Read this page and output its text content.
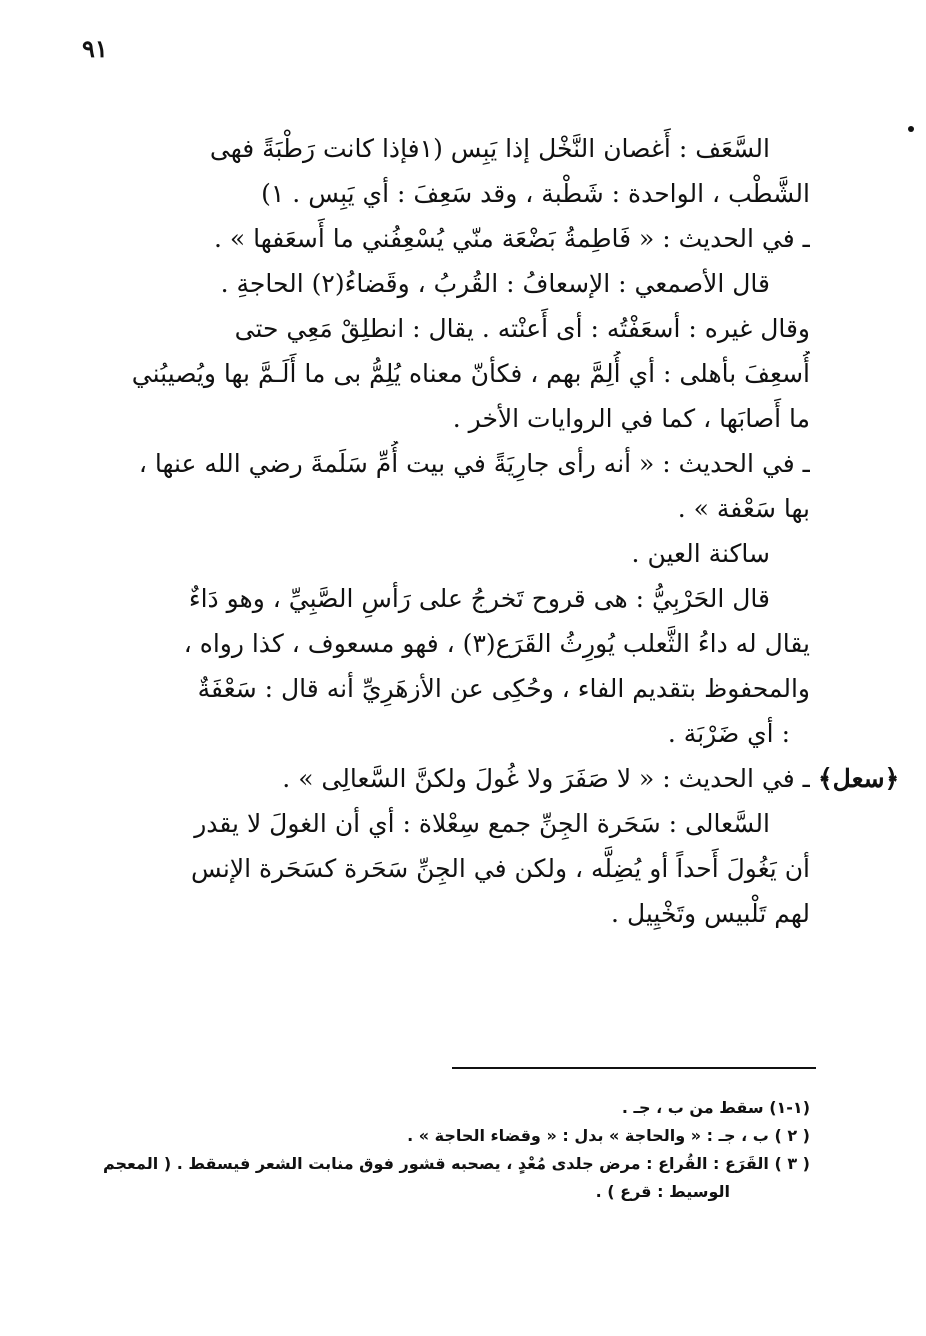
٩١
السَّعَف : أَغصان النَّخْل إذا يَبِس (١فإذا كانت رَطْبَةً فهى
الشَّطْب ، الواحدة : شَطْبة ، وقد سَعِفَ : أي يَبِس . ١)
ـ في الحديث : « فَاطِمةُ بَضْعَة منّي يُسْعِفُني ما أَسعَفها » .
قال الأصمعي : الإسعافُ : القُربُ ، وقَضاءُ(٢) الحاجةِ .
وقال غيره : أسعَفْتُه : أى أَعنْته . يقال : انطلِقْ مَعِي حتى
أُسعِفَ بأهلى : أي أُلِمَّ بهم ، فكأنّ معناه يُلِمُّ بى ما أَلَـمَّ بها ويُصيبُني
ما أَصابَها ، كما في الروايات الأخر .
ـ في الحديث : « أنه رأى جارِيَةً في بيت أُمِّ سَلَمةَ رضي الله عنها ،
بها سَعْفة » .
ساكنة العين .
قال الحَرْبِيُّ : هى قروح تَخرجُ على رَأسِ الصَّبِيِّ ، وهو دَاءٌ
يقال له داءُ الثَّعلب يُورِثُ القَرَع(٣) ، فهو مسعوف ، كذا رواه ،
والمحفوظ بتقديم الفاء ، وحُكِى عن الأزهَرِيِّ أنه قال : سَعْفَةٌ
: أي ضَرْبَة .
ـ في الحديث : « لا صَفَرَ ولا غُولَ ولكنَّ السَّعالِى » .
السَّعالى : سَحَرة الجِنِّ جمع سِعْلاة : أي أن الغولَ لا يقدر
أن يَغُولَ أَحداً أو يُضِلَّه ، ولكن في الجِنِّ سَحَرة كسَحَرة الإنس
لهم تَلْبيس وتَخْيِيل .
﴿سعل﴾
(١-١) سقط من ب ، جـ .
( ٢ ) ب ، جـ : « والحاجة » بدل : « وقضاء الحاجة » .
( ٣ ) القَرَع : القُراع : مرض جلدى مُعْدٍ ، يصحبه قشور فوق منابت الشعر فيسقط . ( المعجم
الوسيط : قرع ) .
